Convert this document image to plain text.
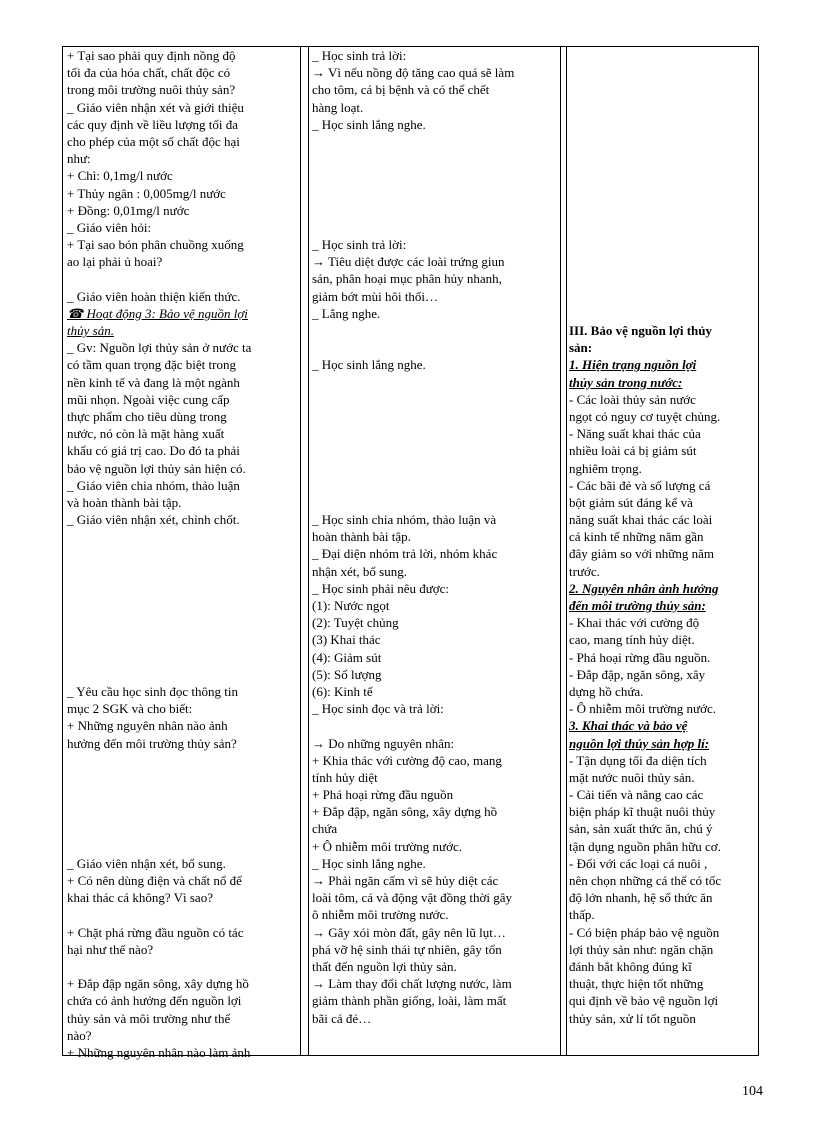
+ Tại sao phải quy định nồng độ
tối đa của hóa chất, chất độc có
trong môi trường nuôi thủy sản?
_ Giáo viên nhận xét và giới thiệu
các quy định về liều lượng tối đa
cho phép của một số chất độc hại
như:
+ Chì: 0,1mg/l nước
+ Thủy ngân : 0,005mg/l nước
+ Đồng: 0,01mg/l nước
_ Giáo viên hỏi:
+ Tại sao bón phân chuồng xuống
ao lại phải ủ hoai?
_ Giáo viên hoàn thiện kiến thức.
☎ Hoạt động 3: Bảo vệ nguồn lợi
thủy sản.
_ Gv: Nguồn lợi thủy sản ở nước ta
có tầm quan trọng đặc biệt trong
nền kinh tế và đang là một ngành
mũi nhọn. Ngoài việc cung cấp
thực phẩm cho tiêu dùng trong
nước, nó còn là mặt hàng xuất
khẩu có giá trị cao. Do đó ta phải
bảo vệ nguồn lợi thủy sản hiện có.
_ Giáo viên chia nhóm, thảo luận
và hoàn thành bài tập.
_ Giáo viên nhận xét, chỉnh chốt.
_ Yêu cầu học sinh đọc thông tin
mục 2 SGK và cho biết:
+ Những nguyên nhân nào ảnh
hưởng đến môi trường thủy sản?
_ Giáo viên nhận xét, bổ sung.
+ Có nên dùng điện và chất nổ để
khai thác cá không? Vì sao?
+ Chặt phá rừng đầu nguồn có tác
hại như thế nào?
+ Đắp đập ngăn sông, xây dựng hồ
chứa có ảnh hưởng đến nguồn lợi
thủy sản và môi trường như thế
nào?
+ Những nguyên nhân nào làm ảnh
_ Học sinh trả lời:
→ Vì nếu nồng độ tăng cao quá sẽ làm
cho tôm, cá bị bệnh và có thể chết
hàng loạt.
_ Học sinh lắng nghe.
_ Học sinh trả lời:
→ Tiêu diệt được các loài trứng giun
sán, phân hoại mục phân hủy nhanh,
giảm bớt mùi hôi thối…
_ Lắng nghe.
_ Học sinh lắng nghe.
_ Học sinh chia nhóm, thảo luận và
hoàn thành bài tập.
_ Đại diện nhóm trả lời, nhóm khác
nhận xét, bổ sung.
_ Học sinh phải nêu được:
(1): Nước ngọt
(2): Tuyệt chủng
(3) Khai thác
(4): Giảm sút
(5): Số lượng
(6): Kinh tế
_ Học sinh đọc và trả lời:
→ Do những nguyên nhân:
+ Khia thác với cường độ cao, mang
tính hủy diệt
+ Phá hoại rừng đầu nguồn
+ Đắp đập, ngăn sông, xây dựng hồ
chứa
+ Ô nhiễm môi trường nước.
_ Học sinh lắng nghe.
→ Phải ngăn cấm vì sẽ hủy diệt các
loài tôm, cá và động vật đồng thời gây
ô nhiễm môi trường nước.
→ Gây xói mòn đất, gây nên lũ lụt…
phá vỡ hệ sinh thái tự nhiên, gây tổn
thất đến nguồn lợi thủy sản.
→ Làm thay đổi chất lượng nước, làm
giảm thành phần giống, loài, làm mất
bãi cá đẻ…
III. Bảo vệ nguồn lợi thủy
sản:
1. Hiện trạng nguồn lợi
thủy sản trong nước:
- Các loài thủy sản nước
ngọt có nguy cơ tuyệt chủng.
- Năng suất khai thác của
nhiều loài cá bị giảm sút
nghiêm trọng.
- Các bãi đẻ và số lượng cá
bột giảm sút đáng kể và
năng suất khai thác các loài
cá kinh tế những năm gần
đây giảm so với những năm
trước.
2. Nguyên nhân ảnh hưởng
đến môi trường thủy sản:
- Khai thác với cường độ
cao, mang tính hủy diệt.
- Phá hoại rừng đầu nguồn.
- Đắp đập, ngăn sông, xây
dựng hồ chứa.
- Ô nhiễm môi trường nước.
3. Khai thác và bảo vệ
nguồn lợi thủy sản hợp lí:
- Tận dụng tối đa diện tích
mặt nước nuôi thủy sản.
- Cải tiến và nâng cao các
biện pháp kĩ thuật nuôi thủy
sản, sản xuất thức ăn, chú ý
tận dụng nguồn phân hữu cơ.
- Đối với các loại cá nuôi ,
nên chọn những cá thể có tốc
độ lớn nhanh, hệ số thức ăn
thấp.
- Có biện pháp bảo vệ nguồn
lợi thủy sản như: ngăn chặn
đánh bắt không đúng kĩ
thuật, thực hiện tốt những
qui định về bảo vệ nguồn lợi
thủy sản, xử lí tốt nguồn
104
